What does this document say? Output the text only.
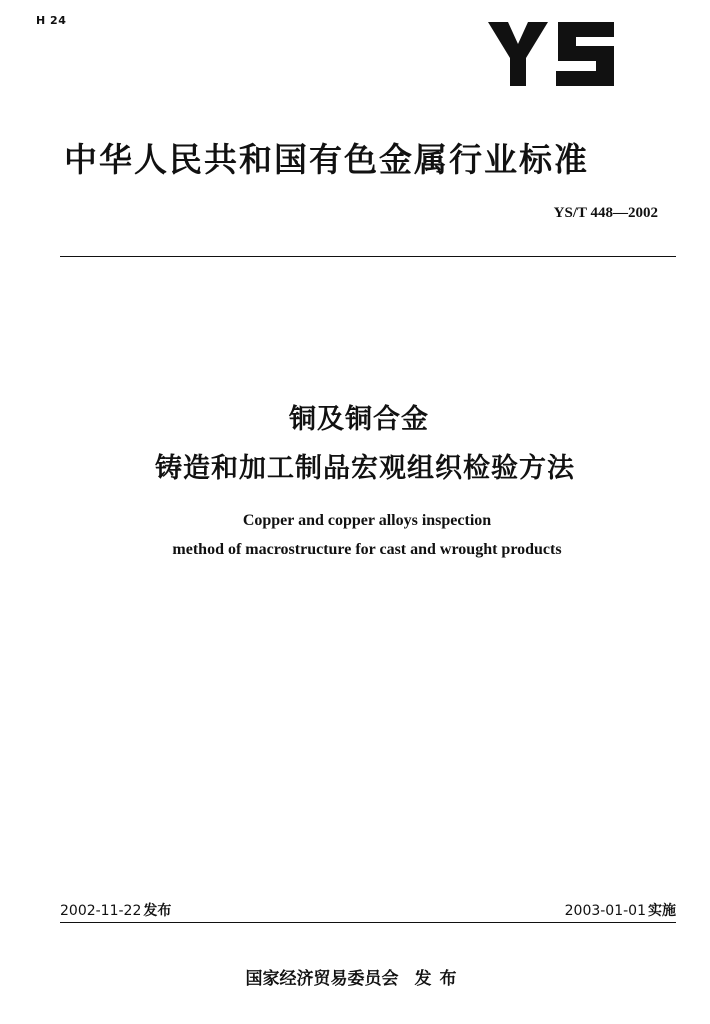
H 24
中华人民共和国有色金属行业标准
YS/T 448—2002
铜及铜合金
铸造和加工制品宏观组织检验方法
Copper and copper alloys inspection
method of macrostructure for cast and wrought products
2002-11-22 发布	2003-01-01 实施
国家经济贸易委员会 发布
